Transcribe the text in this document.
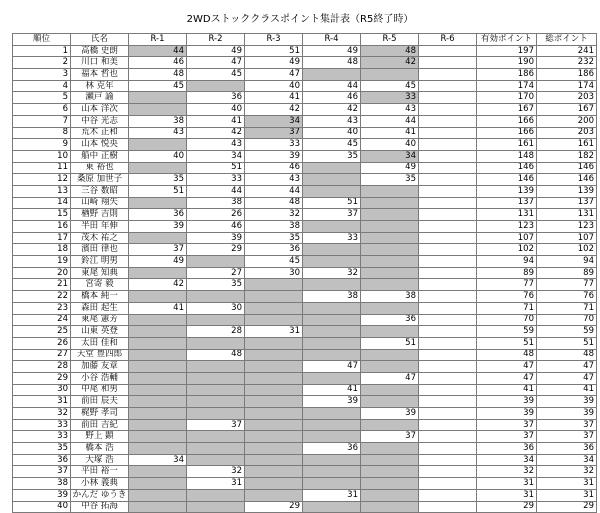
2WDストッククラスポイント集計表（R5終了時）
順位	氏名	R-1	R-2	R-3	R-4	R-5	R-6	有効ポイント	総ポイント
1	高橋 史朗	44	49	51	49	48		197	241
2	川口 和美	46	47	49	48	42		190	232
3	福本 哲也	48	45	47				186	186
4	林 克年	45		40	44	45		174	174
5	瀬戸 諭		36	41	46	33		170	203
6	山本 洋次		40	42	42	43		167	167
7	中谷 光志	38	41	34	43	44		166	200
8	荒木 正和	43	42	37	40	41		166	203
9	山本 悦央		43	33	45	40		161	161
10	船中 正樹	40	34	39	35	34		148	182
11	東 裕也		51	46		49		146	146
12	桑原 加世子	35	33	43		35		146	146
13	三谷 数昭	51	44	44				139	139
14	山崎 翔矢		38	48	51			137	137
15	楢野 吉則	36	26	32	37			131	131
16	半田 年伸	39	46	38				123	123
17	茂木 祐之		39	35	33			107	107
18	濱田 律也	37	29	36				102	102
19	鈴江 明男	49		45				94	94
20	東尾 知典		27	30	32			89	89
21	宮寄 毅	42	35					77	77
22	橋本 純一				38	38		76	76
23	森田 起生	41	30					71	71
24	東尾 憲芳					36		70	70
25	山東 英登		28	31				59	59
26	太田 佳和					51		51	51
27	天堂 豊四郎		48					48	48
28	加藤 友章				47			47	47
29	小谷 浩輔					47		47	47
30	中尾 和男				41			41	41
31	前田 辰夫				39			39	39
32	梶野 孝司					39		39	39
33	前田 吉紀		37					37	37
33	野上 顕					37		37	37
35	橋本 浩				36			36	36
36	大塚 浩	34						34	34
37	平田 裕一		32					32	32
38	小林 義典		31					31	31
39	かんだ ゆうき				31			31	31
40	中谷 拓海			29				29	29
